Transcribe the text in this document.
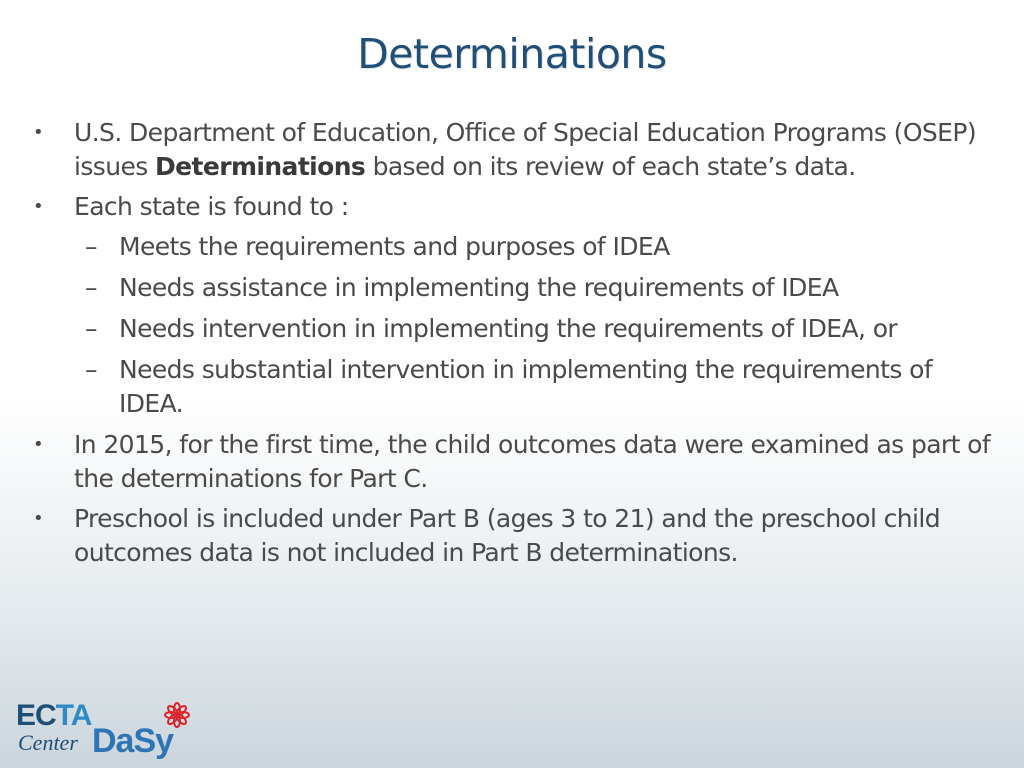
Determinations
• U.S. Department of Education, Office of Special Education Programs (OSEP) issues Determinations based on its review of each state’s data.
• Each state is found to :
– Meets the requirements and purposes of IDEA
– Needs assistance in implementing the requirements of IDEA
– Needs intervention in implementing the requirements of IDEA, or
– Needs substantial intervention in implementing the requirements of IDEA.
• In 2015, for the first time, the child outcomes data were examined as part of the determinations for Part C.
• Preschool is included under Part B (ages 3 to 21) and the preschool child outcomes data is not included in Part B determinations.
ECTA
Center DaSy
